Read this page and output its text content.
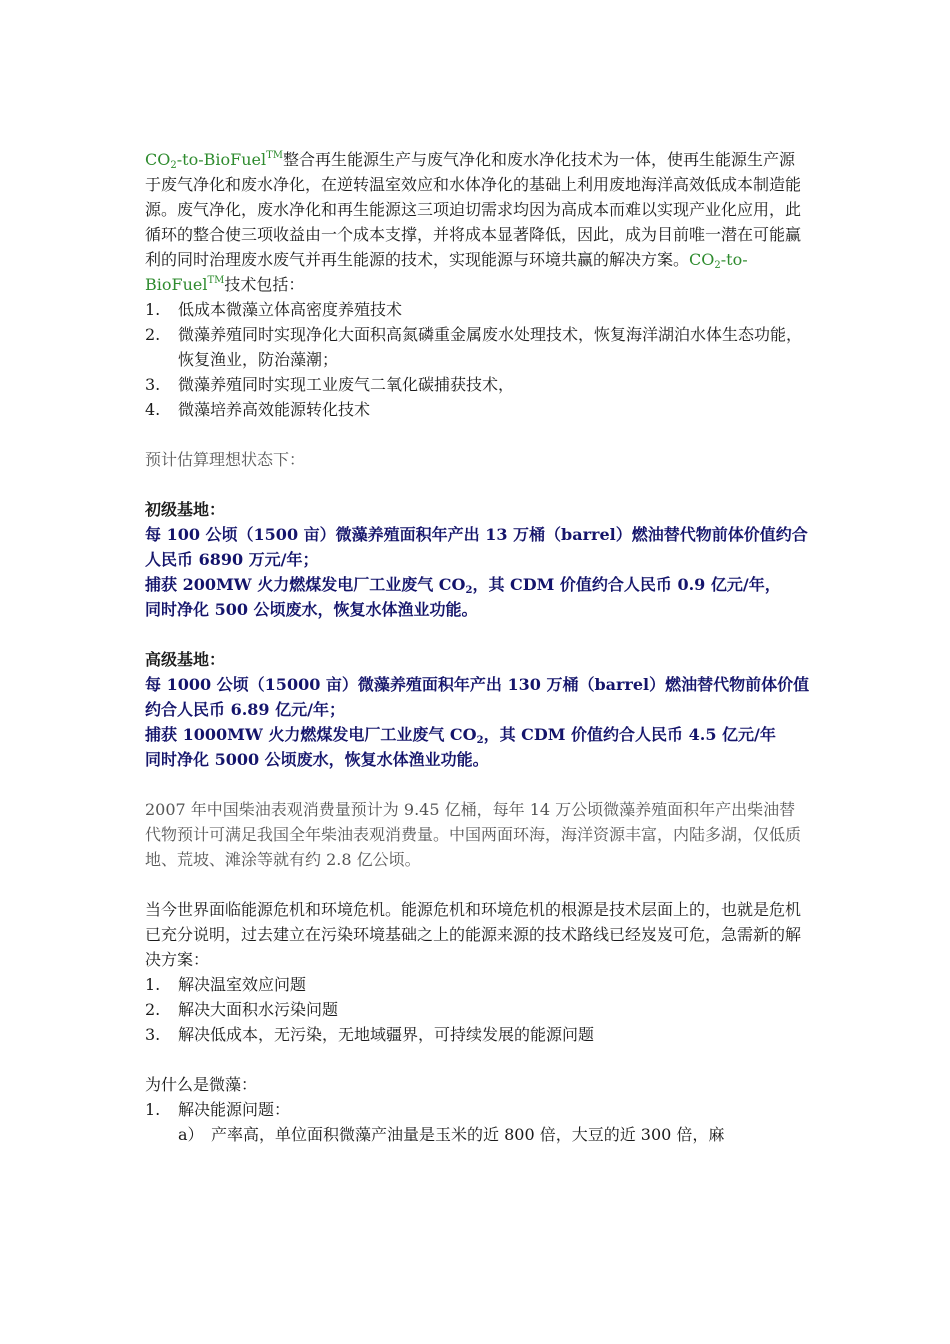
$CO_2-to-BioFuel™$整合再生能源生产与废气净化和废水净化技术为一体，使再生能源生产源于废气净化和废水净化，在逆转温室效应和水体净化的基础上利用废地海洋高效低成本制造能源。废气净化，废水净化和再生能源这三项迫切需求均因为高成本而难以实现产业化应用，此循环的整合使三项收益由一个成本支撑，并将成本显著降低，因此，成为目前唯一潜在可能赢利的同时治理废水废气并再生能源的技术，实现能源与环境共赢的解决方案。$CO_2-to-BioFuel™$技术包括：

1. 低成本微藻立体高密度养殖技术
2. 微藻养殖同时实现净化大面积高氮磷重金属废水处理技术，恢复海洋湖泊水体生态功能，恢复渔业，防治藻潮；
3. 微藻养殖同时实现工业废气二氧化碳捕获技术，
4. 微藻培养高效能源转化技术

预计估算理想状态下：

初级基地：

每 100 公顷（1500 亩）微藻养殖面积年产出 13 万桶（barrel）燃油替代物前体价值约合人民币 6890 万元/年；

捕获 200MW 火力燃煤发电厂工业废气 $CO_2$，其 CDM 价值约合人民币 0.9 亿元/年，

同时净化 500 公顷废水，恢复水体渔业功能。

高级基地：

每 1000 公顷（15000 亩）微藻养殖面积年产出 130 万桶（barrel）燃油替代物前体价值约合人民币 6.89 亿元/年；

捕获 1000MW 火力燃煤发电厂工业废气 $CO_2$，其 CDM 价值约合人民币 4.5 亿元/年

同时净化 5000 公顷废水，恢复水体渔业功能。

2007 年中国柴油表观消费量预计为 9.45 亿桶，每年 14 万公顷微藻养殖面积年产出柴油替代物预计可满足我国全年柴油表观消费量。中国两面环海，海洋资源丰富，内陆多湖，仅低质地、荒坡、滩涂等就有约 2.8 亿公顷。

当今世界面临能源危机和环境危机。能源危机和环境危机的根源是技术层面上的，也就是危机已充分说明，过去建立在污染环境基础之上的能源来源的技术路线已经岌岌可危，急需新的解决方案：

1. 解决温室效应问题
2. 解决大面积水污染问题
3. 解决低成本，无污染，无地域疆界，可持续发展的能源问题

为什么是微藻：

1. 解决能源问题：

a） 产率高，单位面积微藻产油量是玉米的近 800 倍，大豆的近 300 倍，麻
